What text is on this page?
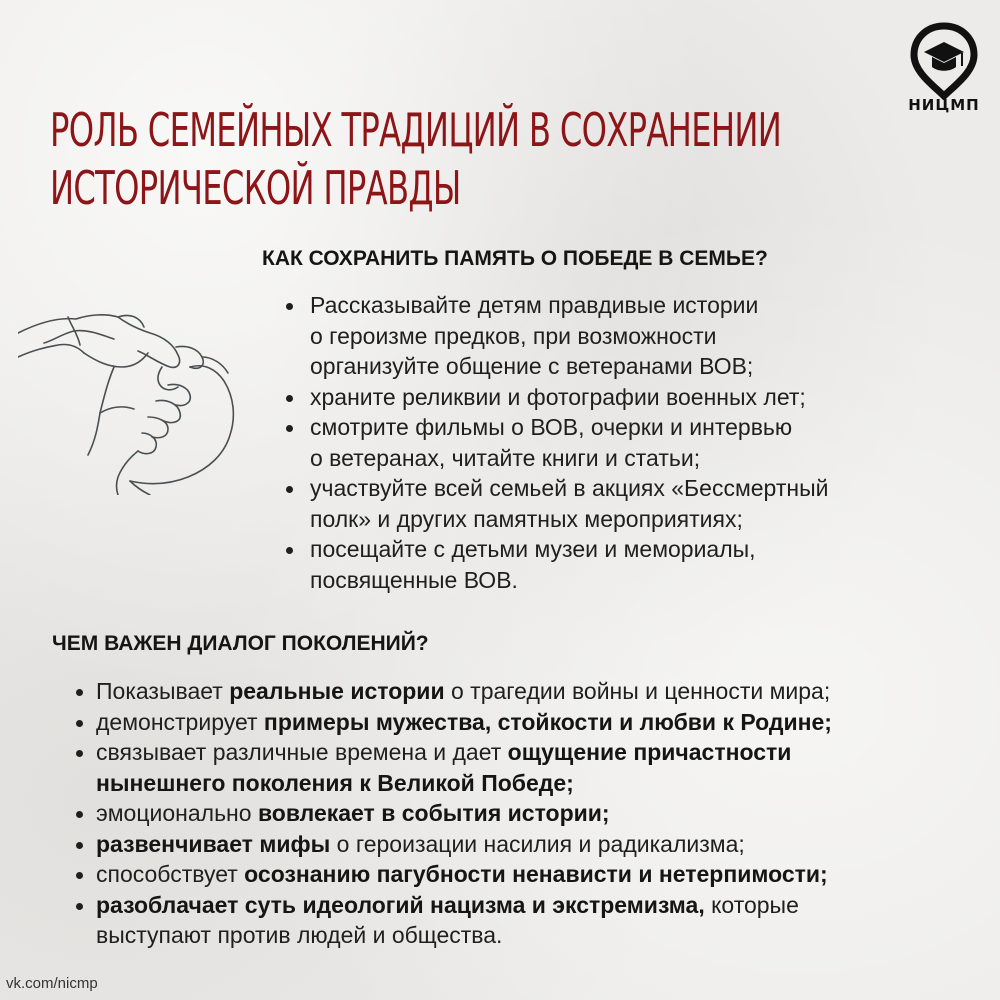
НИЦМП
РОЛЬ СЕМЕЙНЫХ ТРАДИЦИЙ В СОХРАНЕНИИ
ИСТОРИЧЕСКОЙ ПРАВДЫ
КАК СОХРАНИТЬ ПАМЯТЬ О ПОБЕДЕ В СЕМЬЕ?
Рассказывайте детям правдивые истории
о героизме предков, при возможности
организуйте общение с ветеранами ВОВ;
храните реликвии и фотографии военных лет;
смотрите фильмы о ВОВ, очерки и интервью
о ветеранах, читайте книги и статьи;
участвуйте всей семьей в акциях «Бессмертный
полк» и других памятных мероприятиях;
посещайте с детьми музеи и мемориалы,
посвященные ВОВ.
ЧЕМ ВАЖЕН ДИАЛОГ ПОКОЛЕНИЙ?
Показывает реальные истории о трагедии войны и ценности мира;
демонстрирует примеры мужества, стойкости и любви к Родине;
связывает различные времена и дает ощущение причастности
нынешнего поколения к Великой Победе;
эмоционально вовлекает в события истории;
развенчивает мифы о героизации насилия и радикализма;
способствует осознанию пагубности ненависти и нетерпимости;
разоблачает суть идеологий нацизма и экстремизма, которые
выступают против людей и общества.
vk.com/nicmp
